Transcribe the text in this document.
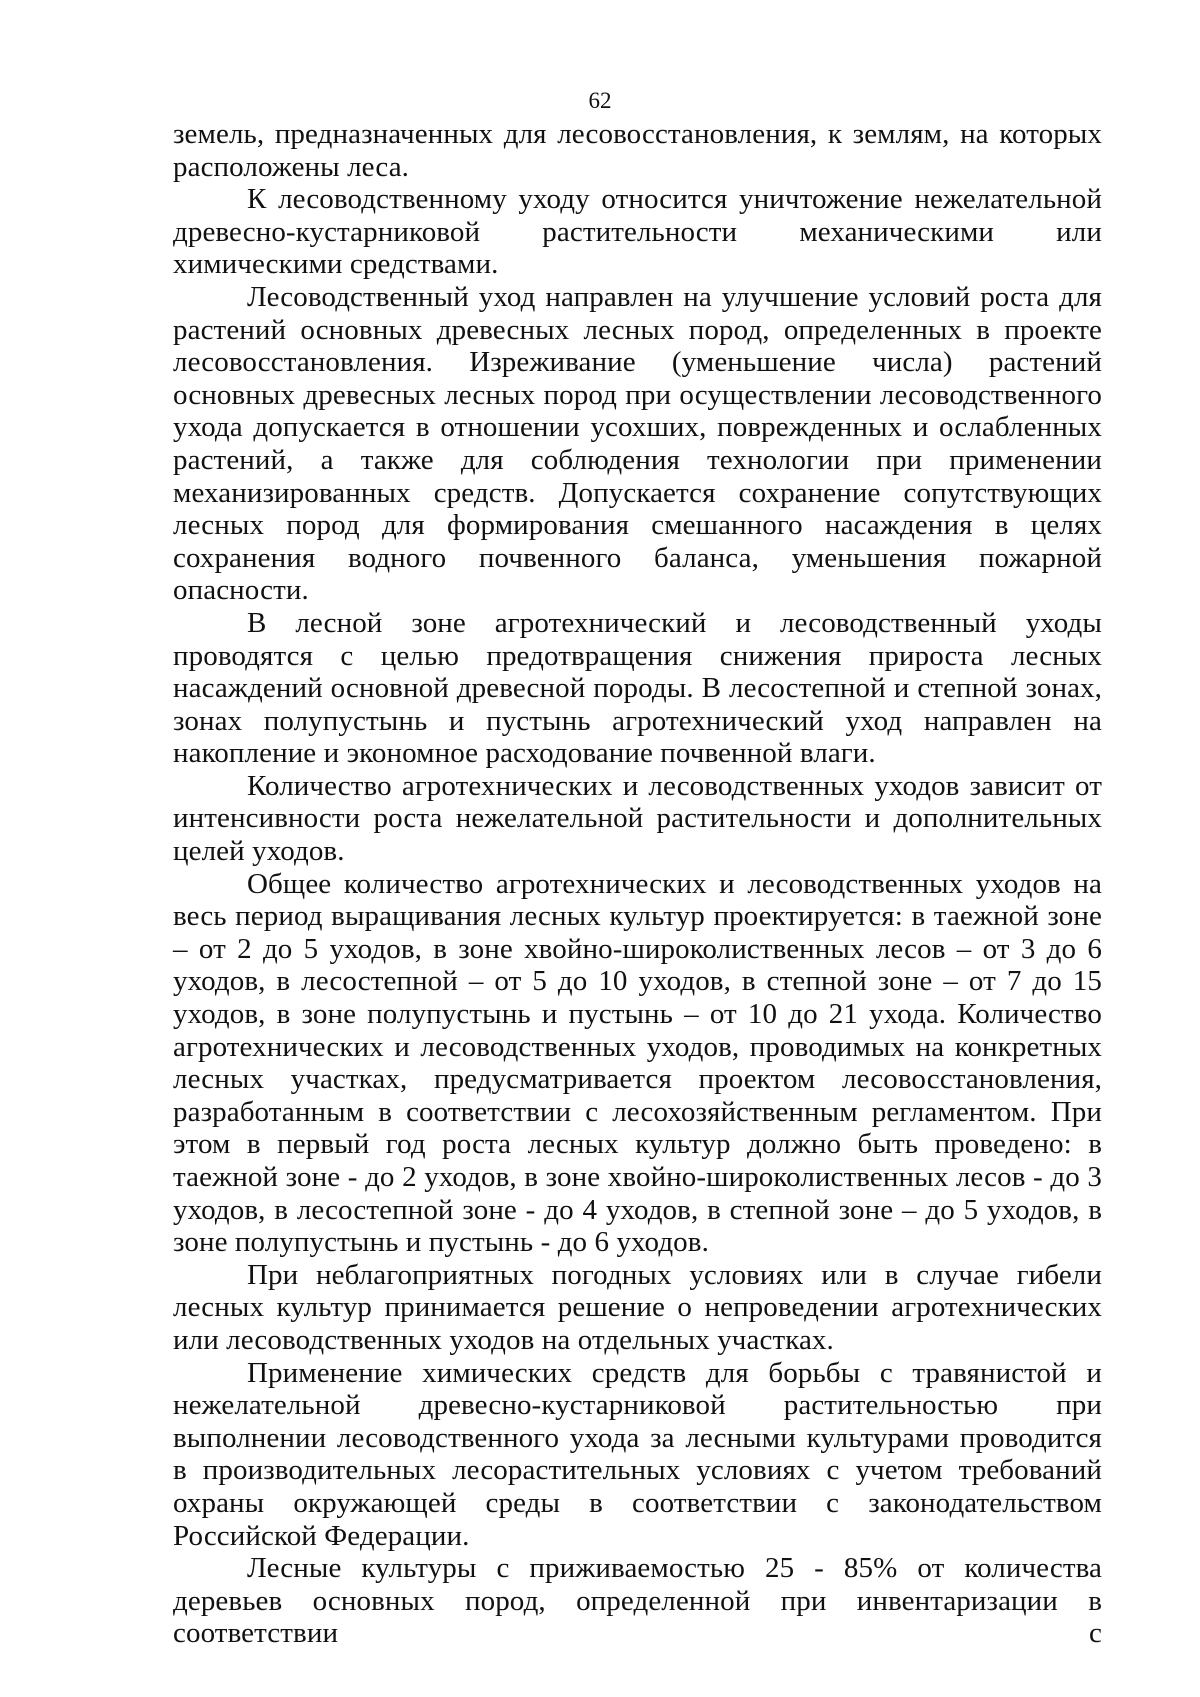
62

земель, предназначенных для лесовосстановления, к землям, на которых расположены леса.

К лесоводственному уходу относится уничтожение нежелательной древесно-кустарниковой растительности механическими или химическими средствами.

Лесоводственный уход направлен на улучшение условий роста для растений основных древесных лесных пород, определенных в проекте лесовосстановления. Изреживание (уменьшение числа) растений основных древесных лесных пород при осуществлении лесоводственного ухода допускается в отношении усохших, поврежденных и ослабленных растений, а также для соблюдения технологии при применении механизированных средств. Допускается сохранение сопутствующих лесных пород для формирования смешанного насаждения в целях сохранения водного почвенного баланса, уменьшения пожарной опасности.

В лесной зоне агротехнический и лесоводственный уходы проводятся с целью предотвращения снижения прироста лесных насаждений основной древесной породы. В лесостепной и степной зонах, зонах полупустынь и пустынь агротехнический уход направлен на накопление и экономное расходование почвенной влаги.

Количество агротехнических и лесоводственных уходов зависит от интенсивности роста нежелательной растительности и дополнительных целей уходов.

Общее количество агротехнических и лесоводственных уходов на весь период выращивания лесных культур проектируется: в таежной зоне – от 2 до 5 уходов, в зоне хвойно-широколиственных лесов – от 3 до 6 уходов, в лесостепной – от 5 до 10 уходов, в степной зоне – от 7 до 15 уходов, в зоне полупустынь и пустынь – от 10 до 21 ухода. Количество агротехнических и лесоводственных уходов, проводимых на конкретных лесных участках, предусматривается проектом лесовосстановления, разработанным в соответствии с лесохозяйственным регламентом. При этом в первый год роста лесных культур должно быть проведено: в таежной зоне - до 2 уходов, в зоне хвойно-широколиственных лесов - до 3 уходов, в лесостепной зоне - до 4 уходов, в степной зоне – до 5 уходов, в зоне полупустынь и пустынь - до 6 уходов.

При неблагоприятных погодных условиях или в случае гибели лесных культур принимается решение о непроведении агротехнических или лесоводственных уходов на отдельных участках.

Применение химических средств для борьбы с травянистой и нежелательной древесно-кустарниковой растительностью при выполнении лесоводственного ухода за лесными культурами проводится в производительных лесорастительных условиях с учетом требований охраны окружающей среды в соответствии с законодательством Российской Федерации.

Лесные культуры с приживаемостью 25 - 85% от количества деревьев основных пород, определенной при инвентаризации в соответствии с
